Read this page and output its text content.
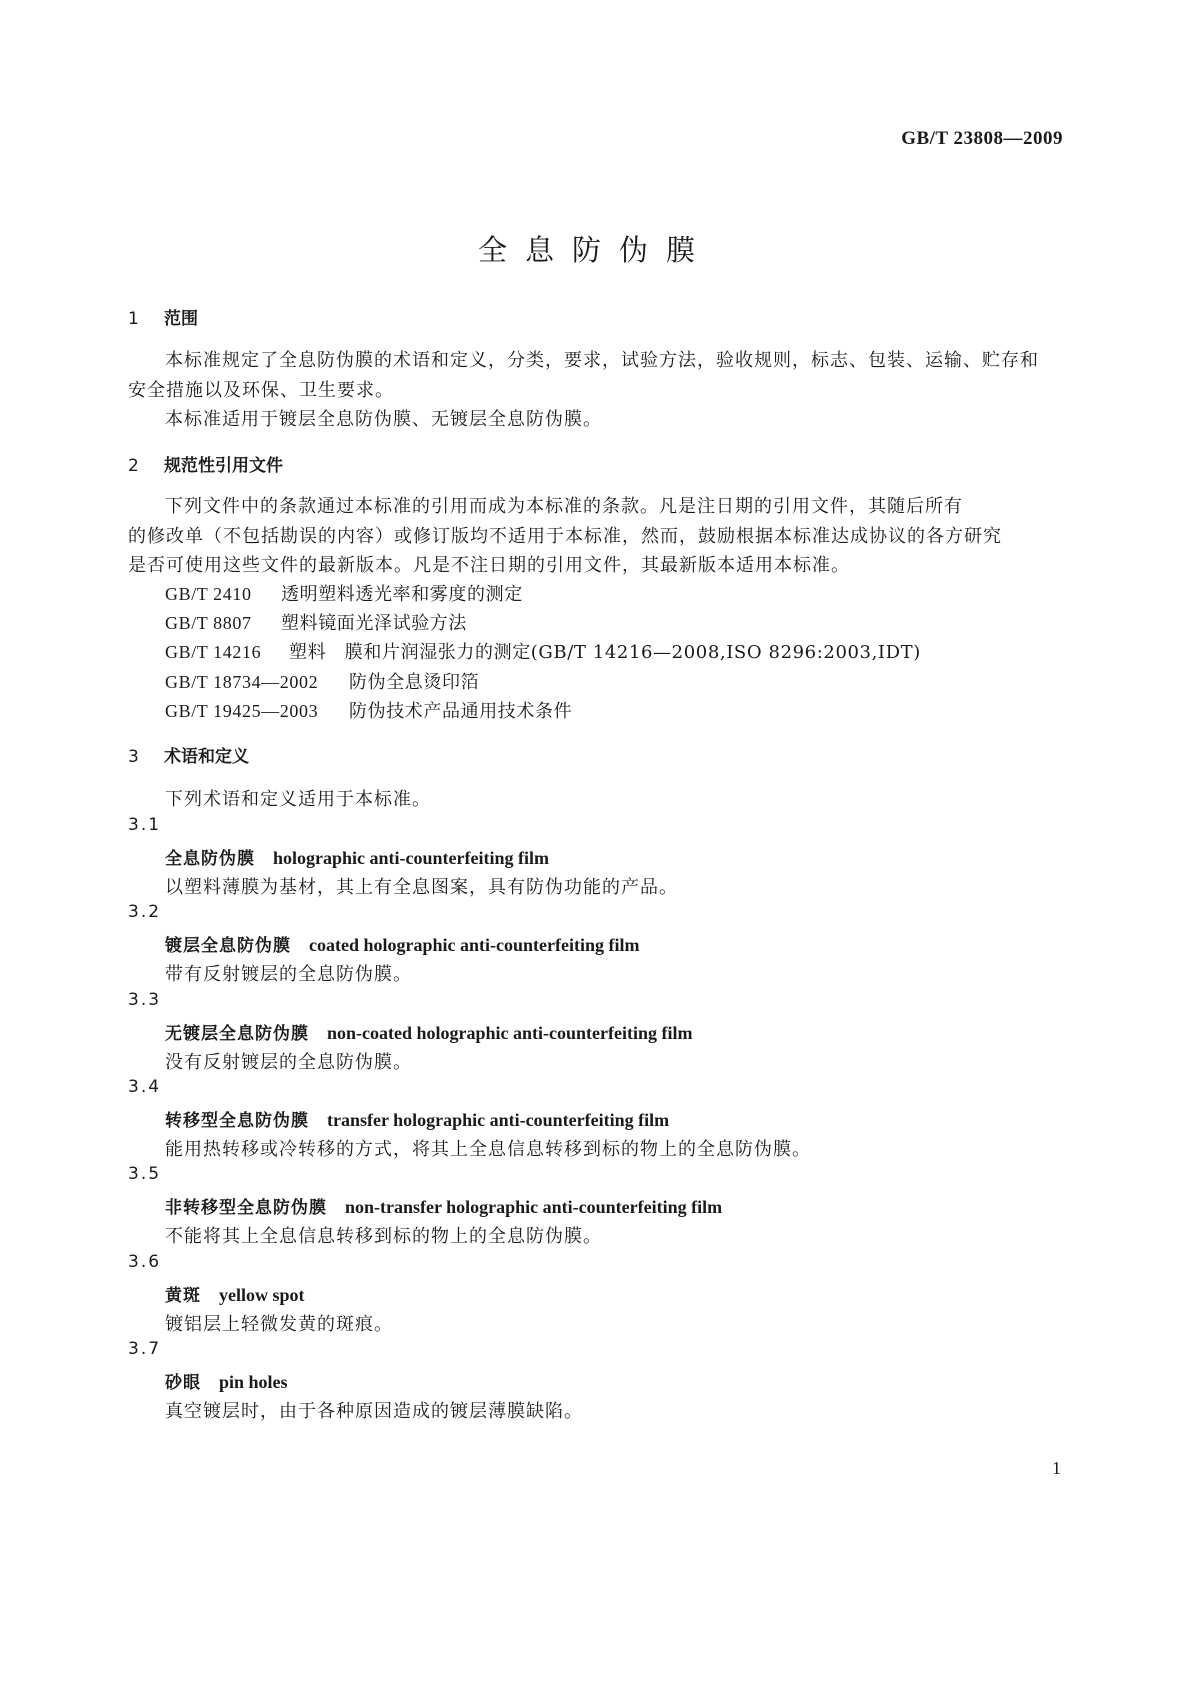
GB/T 23808—2009
全息防伪膜
1 范围
本标准规定了全息防伪膜的术语和定义，分类，要求，试验方法，验收规则，标志、包装、运输、贮存和
安全措施以及环保、卫生要求。
本标准适用于镀层全息防伪膜、无镀层全息防伪膜。
2 规范性引用文件
下列文件中的条款通过本标准的引用而成为本标准的条款。凡是注日期的引用文件，其随后所有
的修改单（不包括勘误的内容）或修订版均不适用于本标准，然而，鼓励根据本标准达成协议的各方研究
是否可使用这些文件的最新版本。凡是不注日期的引用文件，其最新版本适用本标准。
GB/T 2410 透明塑料透光率和雾度的测定
GB/T 8807 塑料镜面光泽试验方法
GB/T 14216 塑料　膜和片润湿张力的测定(GB/T 14216—2008,ISO 8296:2003,IDT)
GB/T 18734—2002 防伪全息烫印箔
GB/T 19425—2003 防伪技术产品通用技术条件
3 术语和定义
下列术语和定义适用于本标准。
3.1
全息防伪膜 holographic anti-counterfeiting film
以塑料薄膜为基材，其上有全息图案，具有防伪功能的产品。
3.2
镀层全息防伪膜 coated holographic anti-counterfeiting film
带有反射镀层的全息防伪膜。
3.3
无镀层全息防伪膜 non-coated holographic anti-counterfeiting film
没有反射镀层的全息防伪膜。
3.4
转移型全息防伪膜 transfer holographic anti-counterfeiting film
能用热转移或冷转移的方式，将其上全息信息转移到标的物上的全息防伪膜。
3.5
非转移型全息防伪膜 non-transfer holographic anti-counterfeiting film
不能将其上全息信息转移到标的物上的全息防伪膜。
3.6
黄斑 yellow spot
镀铝层上轻微发黄的斑痕。
3.7
砂眼 pin holes
真空镀层时，由于各种原因造成的镀层薄膜缺陷。
1
